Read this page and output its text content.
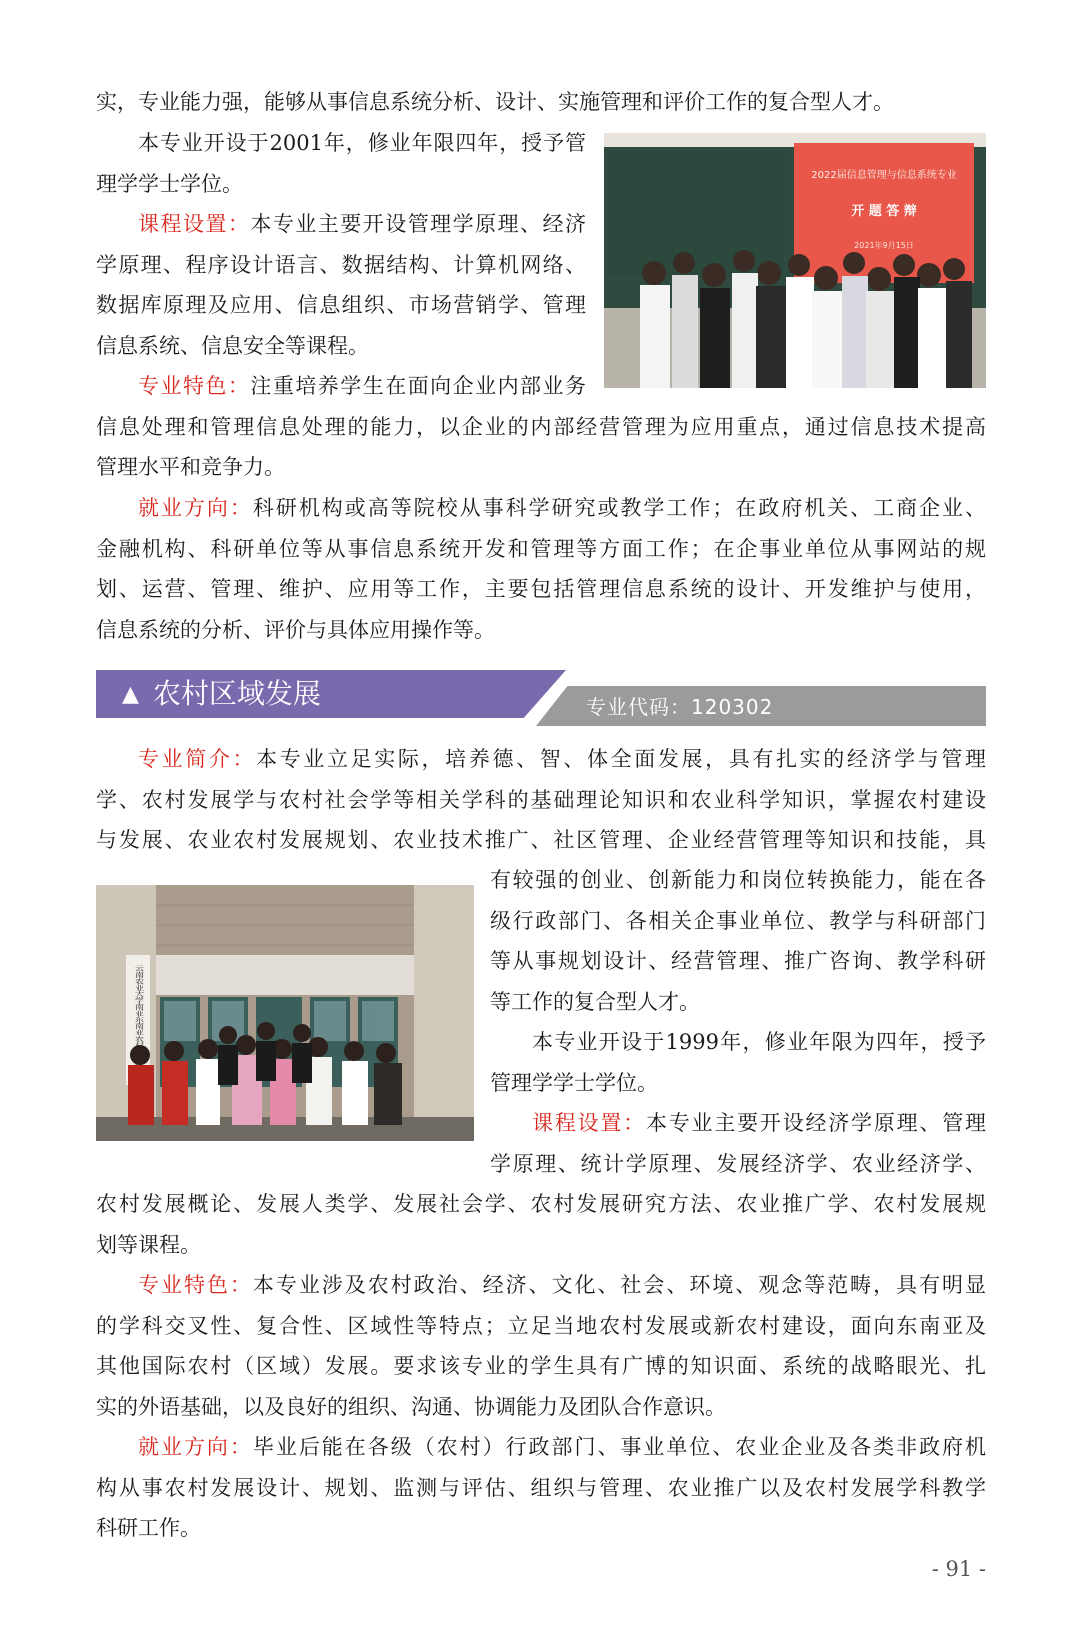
实，专业能力强，能够从事信息系统分析、设计、实施管理和评价工作的复合型人才。

本专业开设于2001年，修业年限四年，授予管
理学学士学位。

课程设置：本专业主要开设管理学原理、经济
学原理、程序设计语言、数据结构、计算机网络、
数据库原理及应用、信息组织、市场营销学、管理
信息系统、信息安全等课程。

专业特色：注重培养学生在面向企业内部业务
信息处理和管理信息处理的能力，以企业的内部经营管理为应用重点，通过信息技术提高
管理水平和竞争力。

就业方向：科研机构或高等院校从事科学研究或教学工作；在政府机关、工商企业、
金融机构、科研单位等从事信息系统开发和管理等方面工作；在企事业单位从事网站的规
划、运营、管理、维护、应用等工作，主要包括管理信息系统的设计、开发维护与使用，
信息系统的分析、评价与具体应用操作等。

2022届信息管理与信息系统专业
开 题 答 辩
2021年9月15日
▲ 农村区域发展	专业代码：120302

专业简介：本专业立足实际，培养德、智、体全面发展，具有扎实的经济学与管理
学、农村发展学与农村社会学等相关学科的基础理论知识和农业科学知识，掌握农村建设
与发展、农业农村发展规划、农业技术推广、社区管理、企业经营管理等知识和技能，具

有较强的创业、创新能力和岗位转换能力，能在各
级行政部门、各相关企事业单位、教学与科研部门
等从事规划设计、经营管理、推广咨询、教学科研
等工作的复合型人才。

本专业开设于1999年，修业年限为四年，授予
管理学学士学位。

课程设置：本专业主要开设经济学原理、管理
学原理、统计学原理、发展经济学、农业经济学、

农村发展概论、发展人类学、发展社会学、农村发展研究方法、农业推广学、农村发展规
划等课程。

专业特色：本专业涉及农村政治、经济、文化、社会、环境、观念等范畴，具有明显
的学科交叉性、复合性、区域性等特点；立足当地农村发展或新农村建设，面向东南亚及
其他国际农村（区域）发展。要求该专业的学生具有广博的知识面、系统的战略眼光、扎
实的外语基础，以及良好的组织、沟通、协调能力及团队合作意识。

就业方向：毕业后能在各级（农村）行政部门、事业单位、农业企业及各类非政府机
构从事农村发展设计、规划、监测与评估、组织与管理、农业推广以及农村发展学科教学
科研工作。

- 91 -
